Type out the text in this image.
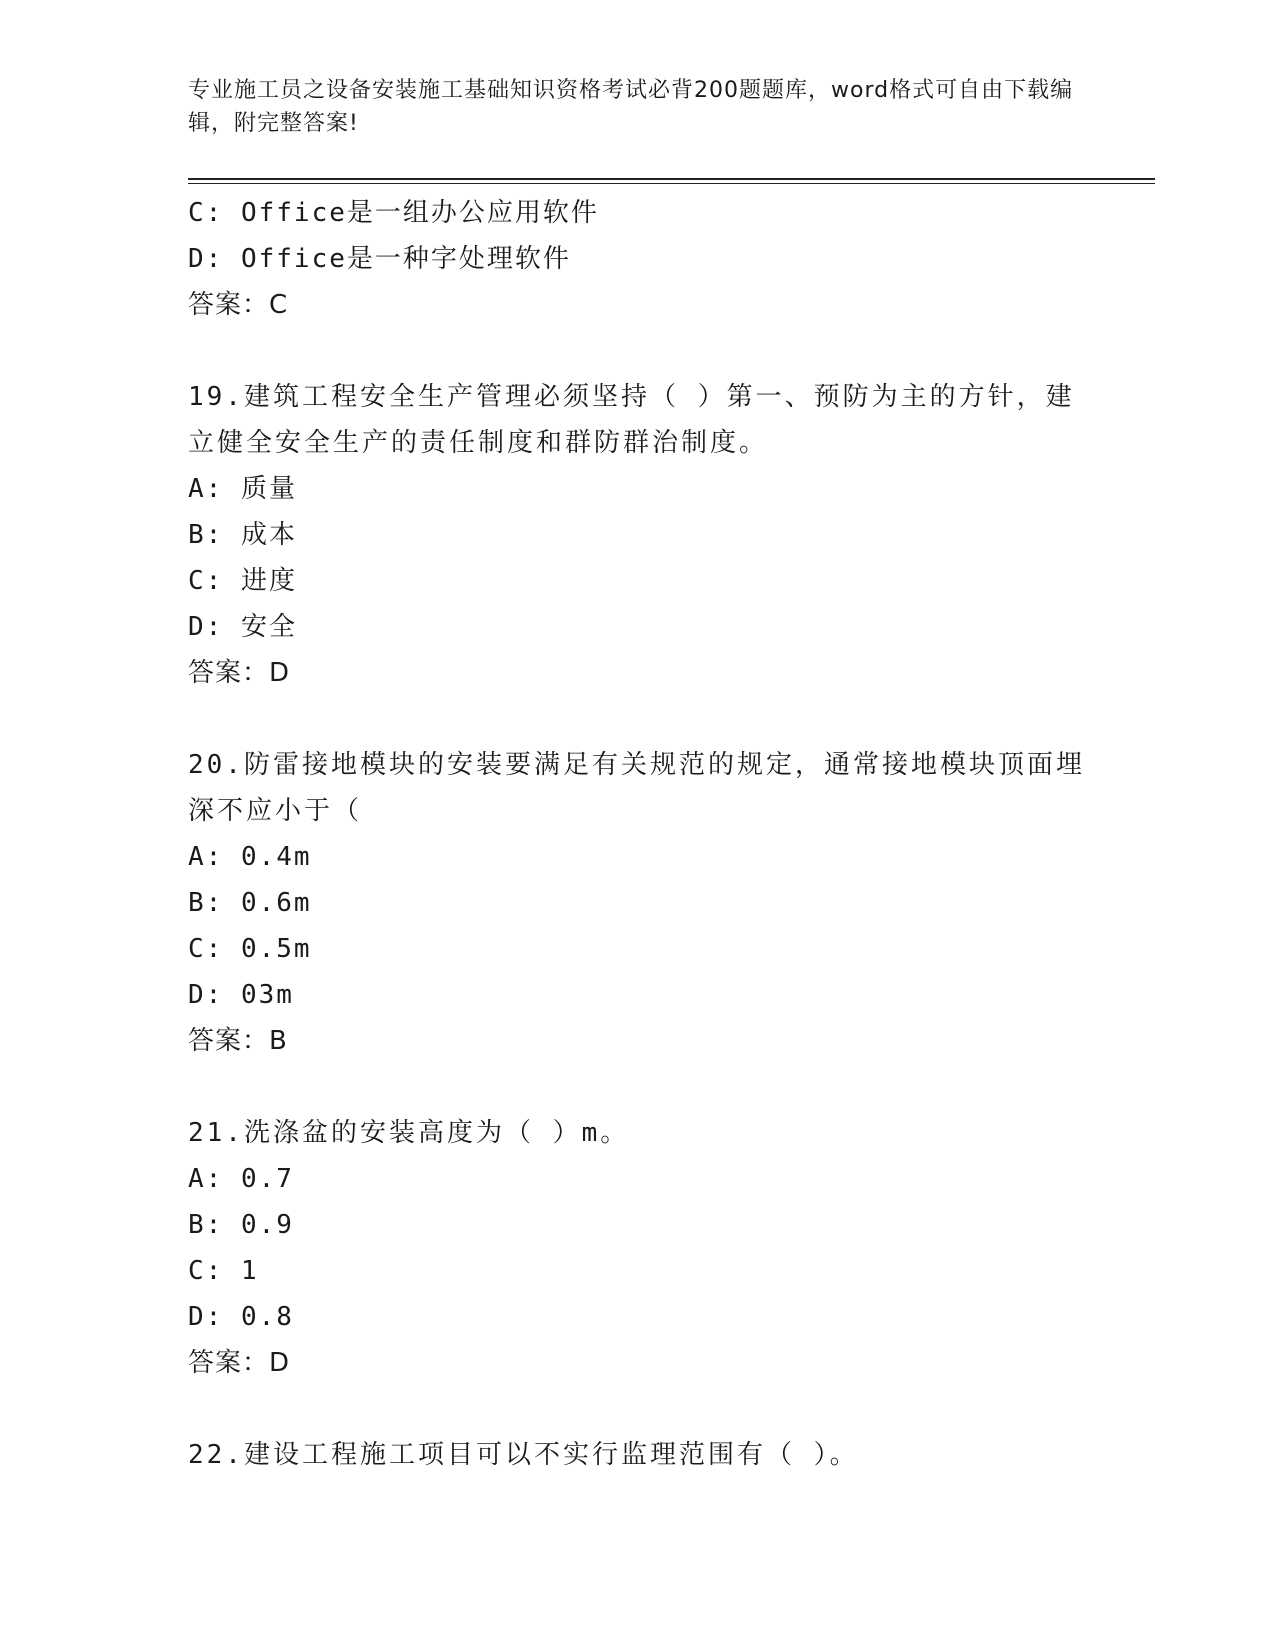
专业施工员之设备安装施工基础知识资格考试必背200题题库，word格式可自由下载编辑，附完整答案!
C: Office是一组办公应用软件
D: Office是一种字处理软件
答案：C
19.建筑工程安全生产管理必须坚持（ ）第一、预防为主的方针，建立健全安全生产的责任制度和群防群治制度。
A: 质量
B: 成本
C: 进度
D: 安全
答案：D
20.防雷接地模块的安装要满足有关规范的规定，通常接地模块顶面埋深不应小于（
A: 0.4m
B: 0.6m
C: 0.5m
D: 03m
答案：B
21.洗涤盆的安装高度为（ ）m。
A: 0.7
B: 0.9
C: 1
D: 0.8
答案：D
22.建设工程施工项目可以不实行监理范围有（ ）。
